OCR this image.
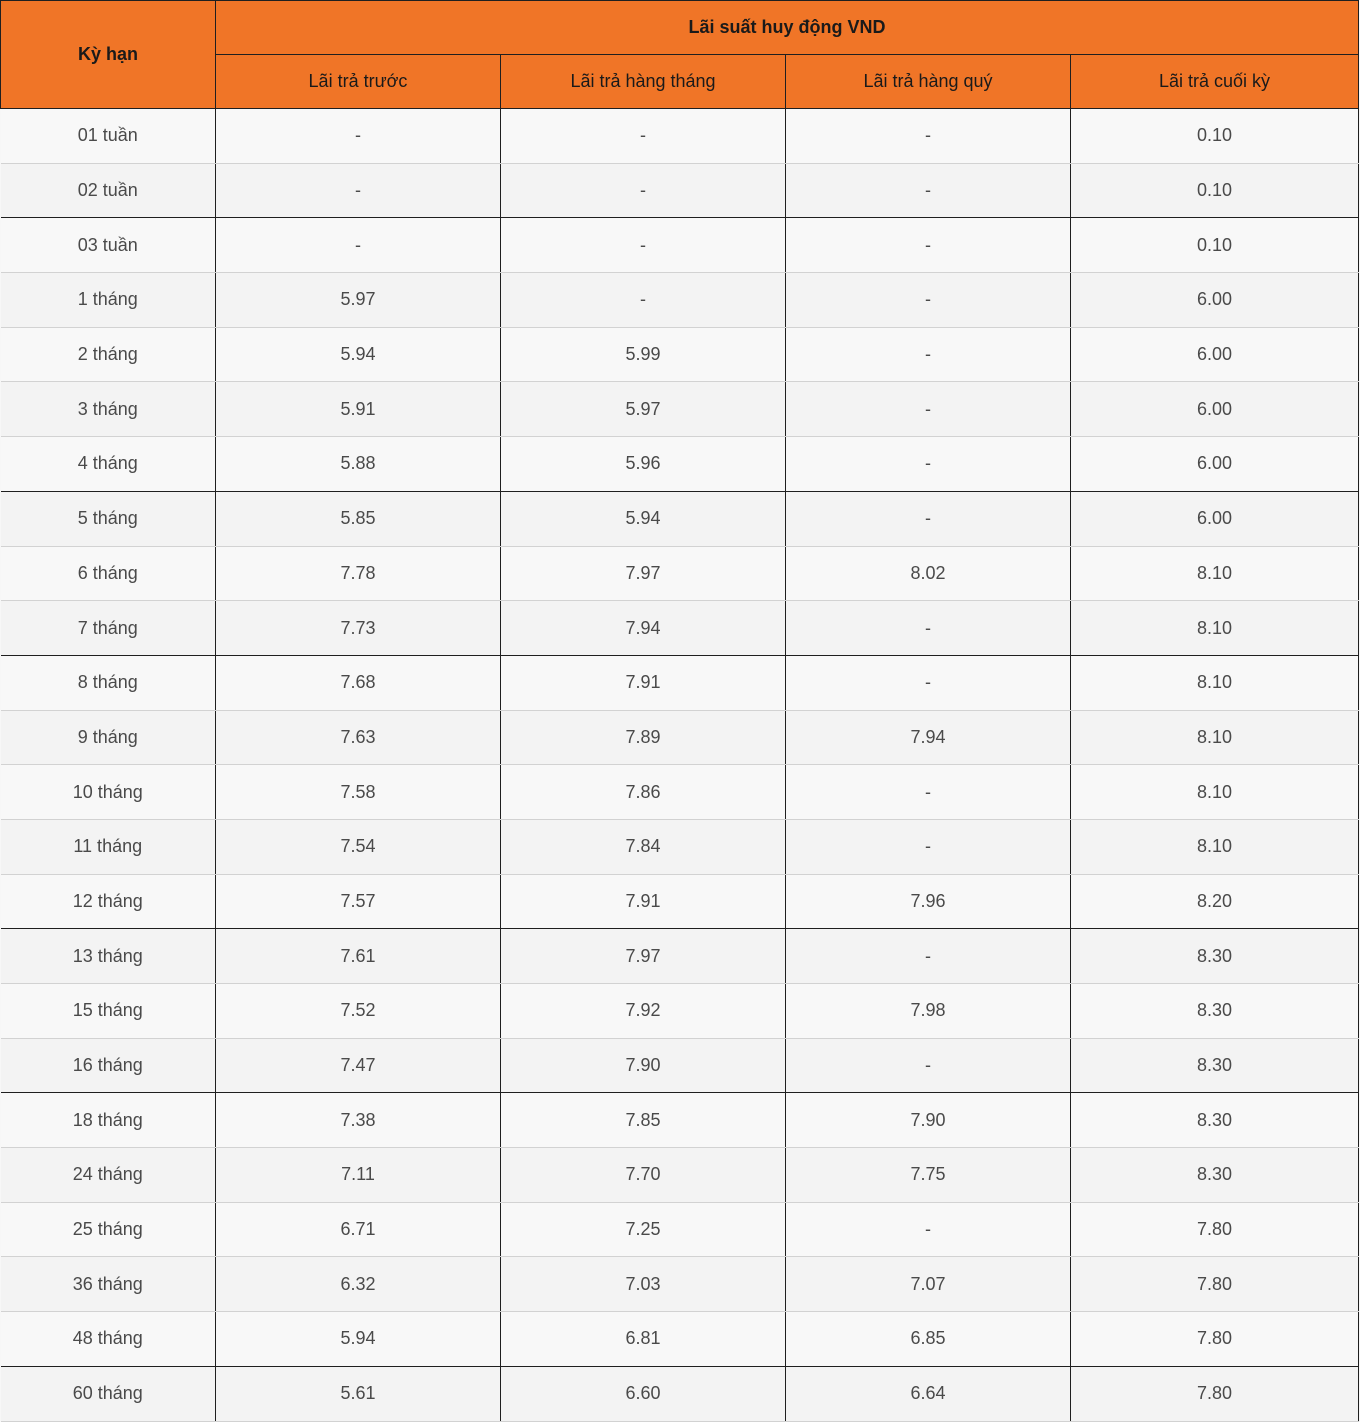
Kỳ hạn	Lãi suất huy động VND			
	Lãi trả trước	Lãi trả hàng tháng	Lãi trả hàng quý	Lãi trả cuối kỳ
01 tuần	-	-	-	0.10
02 tuần	-	-	-	0.10
03 tuần	-	-	-	0.10
1 tháng	5.97	-	-	6.00
2 tháng	5.94	5.99	-	6.00
3 tháng	5.91	5.97	-	6.00
4 tháng	5.88	5.96	-	6.00
5 tháng	5.85	5.94	-	6.00
6 tháng	7.78	7.97	8.02	8.10
7 tháng	7.73	7.94	-	8.10
8 tháng	7.68	7.91	-	8.10
9 tháng	7.63	7.89	7.94	8.10
10 tháng	7.58	7.86	-	8.10
11 tháng	7.54	7.84	-	8.10
12 tháng	7.57	7.91	7.96	8.20
13 tháng	7.61	7.97	-	8.30
15 tháng	7.52	7.92	7.98	8.30
16 tháng	7.47	7.90	-	8.30
18 tháng	7.38	7.85	7.90	8.30
24 tháng	7.11	7.70	7.75	8.30
25 tháng	6.71	7.25	-	7.80
36 tháng	6.32	7.03	7.07	7.80
48 tháng	5.94	6.81	6.85	7.80
60 tháng	5.61	6.60	6.64	7.80
